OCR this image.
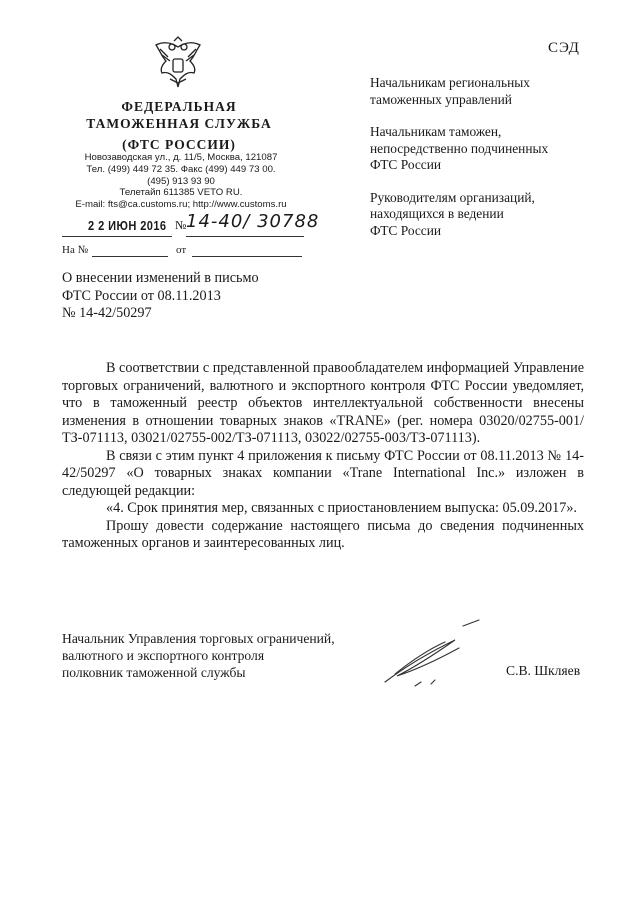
СЭД
ФЕДЕРАЛЬНАЯ
ТАМОЖЕННАЯ СЛУЖБА
(ФТС РОССИИ)
Новозаводская ул., д. 11/5, Москва, 121087
Тел. (499) 449 72 35. Факс (499) 449 73 00.
(495) 913 93 90
Телетайп 611385 VETO RU.
E-mail: fts@ca.customs.ru; http://www.customs.ru
2 2 ИЮН 2016 № 14-40/ 30788
На №	от

Начальникам региональных
таможенных управлений

Начальникам таможен,
непосредственно подчиненных
ФТС России

Руководителям организаций,
находящихся в ведении
ФТС России

О внесении изменений в письмо
ФТС России от 08.11.2013
№ 14-42/50297

В соответствии с представленной правообладателем информацией Управление торговых ограничений, валютного и экспортного контроля ФТС России уведомляет, что в таможенный реестр объектов интеллектуальной собственности внесены изменения в отношении товарных знаков «TRANE» (рег. номера 03020/02755-001/ТЗ-071113, 03021/02755-002/ТЗ-071113, 03022/02755-003/ТЗ-071113).

В связи с этим пункт 4 приложения к письму ФТС России от 08.11.2013 № 14-42/50297 «О товарных знаках компании «Trane International Inc.» изложен в следующей редакции:

«4. Срок принятия мер, связанных с приостановлением выпуска: 05.09.2017».

Прошу довести содержание настоящего письма до сведения подчиненных таможенных органов и заинтересованных лиц.

Начальник Управления торговых ограничений,
валютного и экспортного контроля
полковник таможенной службы	С.В. Шкляев
